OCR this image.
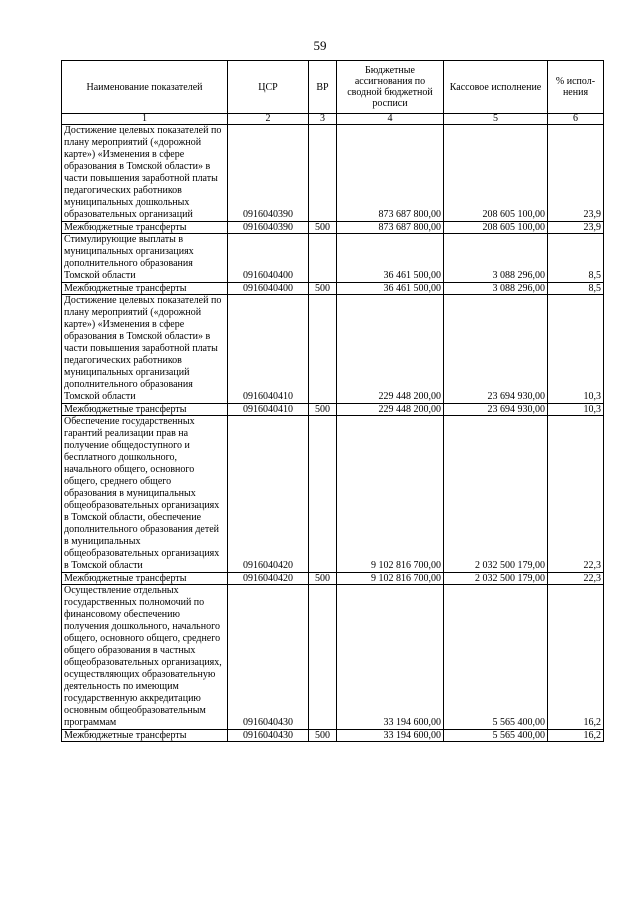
59
Наименование показателей	ЦСР	ВР	Бюджетные ассигнования по сводной бюджетной росписи	Кассовое исполнение	% испол-нения
1	2	3	4	5	6
Достижение целевых показателей по плану мероприятий («дорожной карте») «Изменения в сфере образования в Томской области» в части повышения заработной платы педагогических работников муниципальных дошкольных образовательных организаций	0916040390		873 687 800,00	208 605 100,00	23,9
Межбюджетные трансферты	0916040390	500	873 687 800,00	208 605 100,00	23,9
Стимулирующие выплаты в муниципальных организациях дополнительного образования Томской области	0916040400		36 461 500,00	3 088 296,00	8,5
Межбюджетные трансферты	0916040400	500	36 461 500,00	3 088 296,00	8,5
Достижение целевых показателей по плану мероприятий («дорожной карте») «Изменения в сфере образования в Томской области» в части повышения заработной платы педагогических работников муниципальных организаций дополнительного образования Томской области	0916040410		229 448 200,00	23 694 930,00	10,3
Межбюджетные трансферты	0916040410	500	229 448 200,00	23 694 930,00	10,3
Обеспечение государственных гарантий реализации прав на получение общедоступного и бесплатного дошкольного, начального общего, основного общего, среднего общего образования в муниципальных общеобразовательных организациях в Томской области, обеспечение дополнительного образования детей в муниципальных общеобразовательных организациях в Томской области	0916040420		9 102 816 700,00	2 032 500 179,00	22,3
Межбюджетные трансферты	0916040420	500	9 102 816 700,00	2 032 500 179,00	22,3
Осуществление отдельных государственных полномочий по финансовому обеспечению получения дошкольного, начального общего, основного общего, среднего общего образования в частных общеобразовательных организациях, осуществляющих образовательную деятельность по имеющим государственную аккредитацию основным общеобразовательным программам	0916040430		33 194 600,00	5 565 400,00	16,2
Межбюджетные трансферты	0916040430	500	33 194 600,00	5 565 400,00	16,2
